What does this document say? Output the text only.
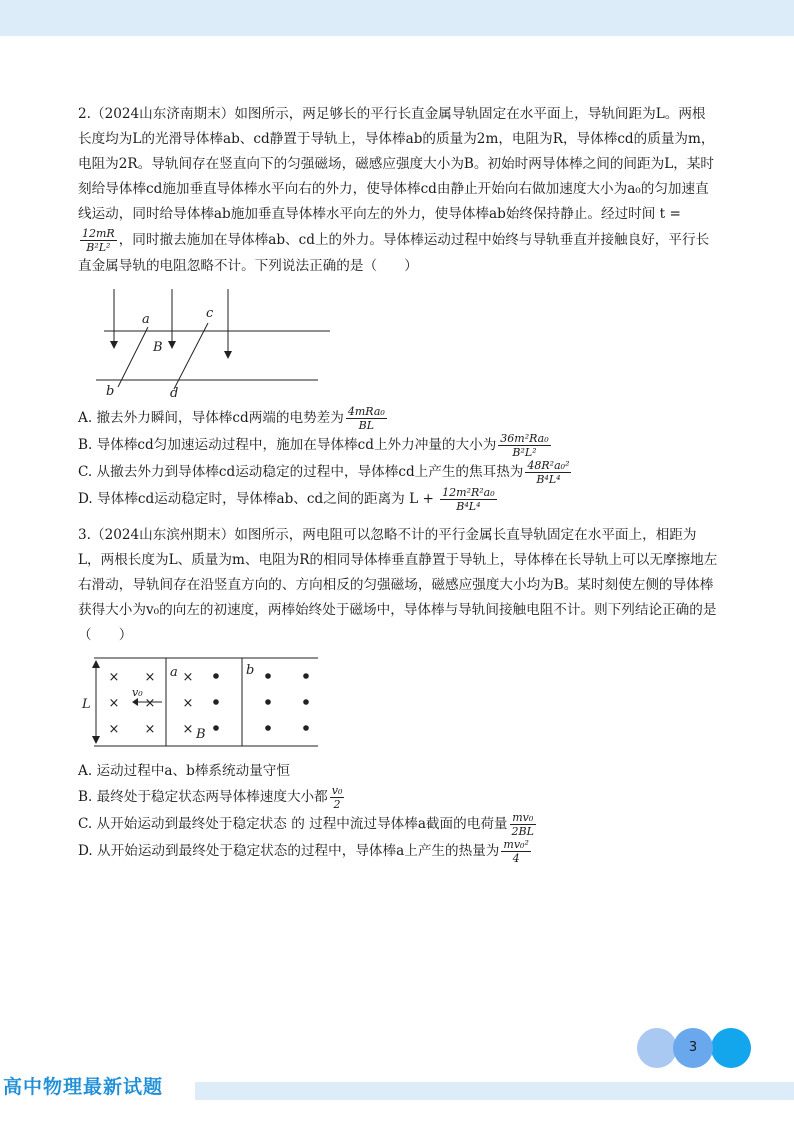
2.（2024山东济南期末）如图所示，两足够长的平行长直金属导轨固定在水平面上，导轨间距为L。两根长度均为L的光滑导体棒ab、cd静置于导轨上，导体棒ab的质量为2m，电阻为R，导体棒cd的质量为m，电阻为2R。导轨间存在竖直向下的匀强磁场，磁感应强度大小为B。初始时两导体棒之间的间距为L，某时刻给导体棒cd施加垂直导体棒水平向右的外力，使导体棒cd由静止开始向右做加速度大小为a₀的匀加速直线运动，同时给导体棒ab施加垂直导体棒水平向左的外力，使导体棒ab始终保持静止。经过时间 t =
$\frac{12mR}{\text{B²L²}}$ ，同时撤去施加在导体棒ab、cd上的外力。导体棒运动过程中始终与导轨垂直并接触良好，平行长直金属导轨的电阻忽略不计。下列说法正确的是（　　）

a
b
c
d
B

A. 撤去外力瞬间，导体棒cd两端的电势差为 $\frac{\text{4mRa₀}}{BL}$

B. 导体棒cd匀加速运动过程中，施加在导体棒cd上外力冲量的大小为 $\frac{\text{36m²Ra₀}}{\text{B²L²}}$

C. 从撤去外力到导体棒cd运动稳定的过程中，导体棒cd上产生的焦耳热为 $\frac{\text{48R²a₀²}}{\text{B⁴L⁴}}$

D. 导体棒cd运动稳定时，导体棒ab、cd之间的距离为 $L + \frac{\text{12m²R²a₀}}{\text{B⁴L⁴}}$

3.（2024山东滨州期末）如图所示，两电阻可以忽略不计的平行金属长直导轨固定在水平面上，相距为L，两根长度为L、质量为m、电阻为R的相同导体棒垂直静置于导轨上，导体棒在长导轨上可以无摩擦地左右滑动，导轨间存在沿竖直方向的、方向相反的匀强磁场，磁感应强度大小均为B。某时刻使左侧的导体棒获得大小为v₀的向左的初速度，两棒始终处于磁场中，导体棒与导轨间接触电阻不计。则下列结论正确的是（　　）

× × ×
× × ×
× × ×
a	b
L
B
v₀

A. 运动过程中a、b棒系统动量守恒

B. 最终处于稳定状态两导体棒速度大小都 $\frac{\text{v₀}}{2}$

C. 从开始运动到最终处于稳定状态 的 过程中流过导体棒a截面的电荷量 $\frac{\text{mv₀}}{2BL}$

D. 从开始运动到最终处于稳定状态的过程中，导体棒a上产生的热量为 $\frac{\text{mv₀²}}{4}$

3
高中物理最新试题
